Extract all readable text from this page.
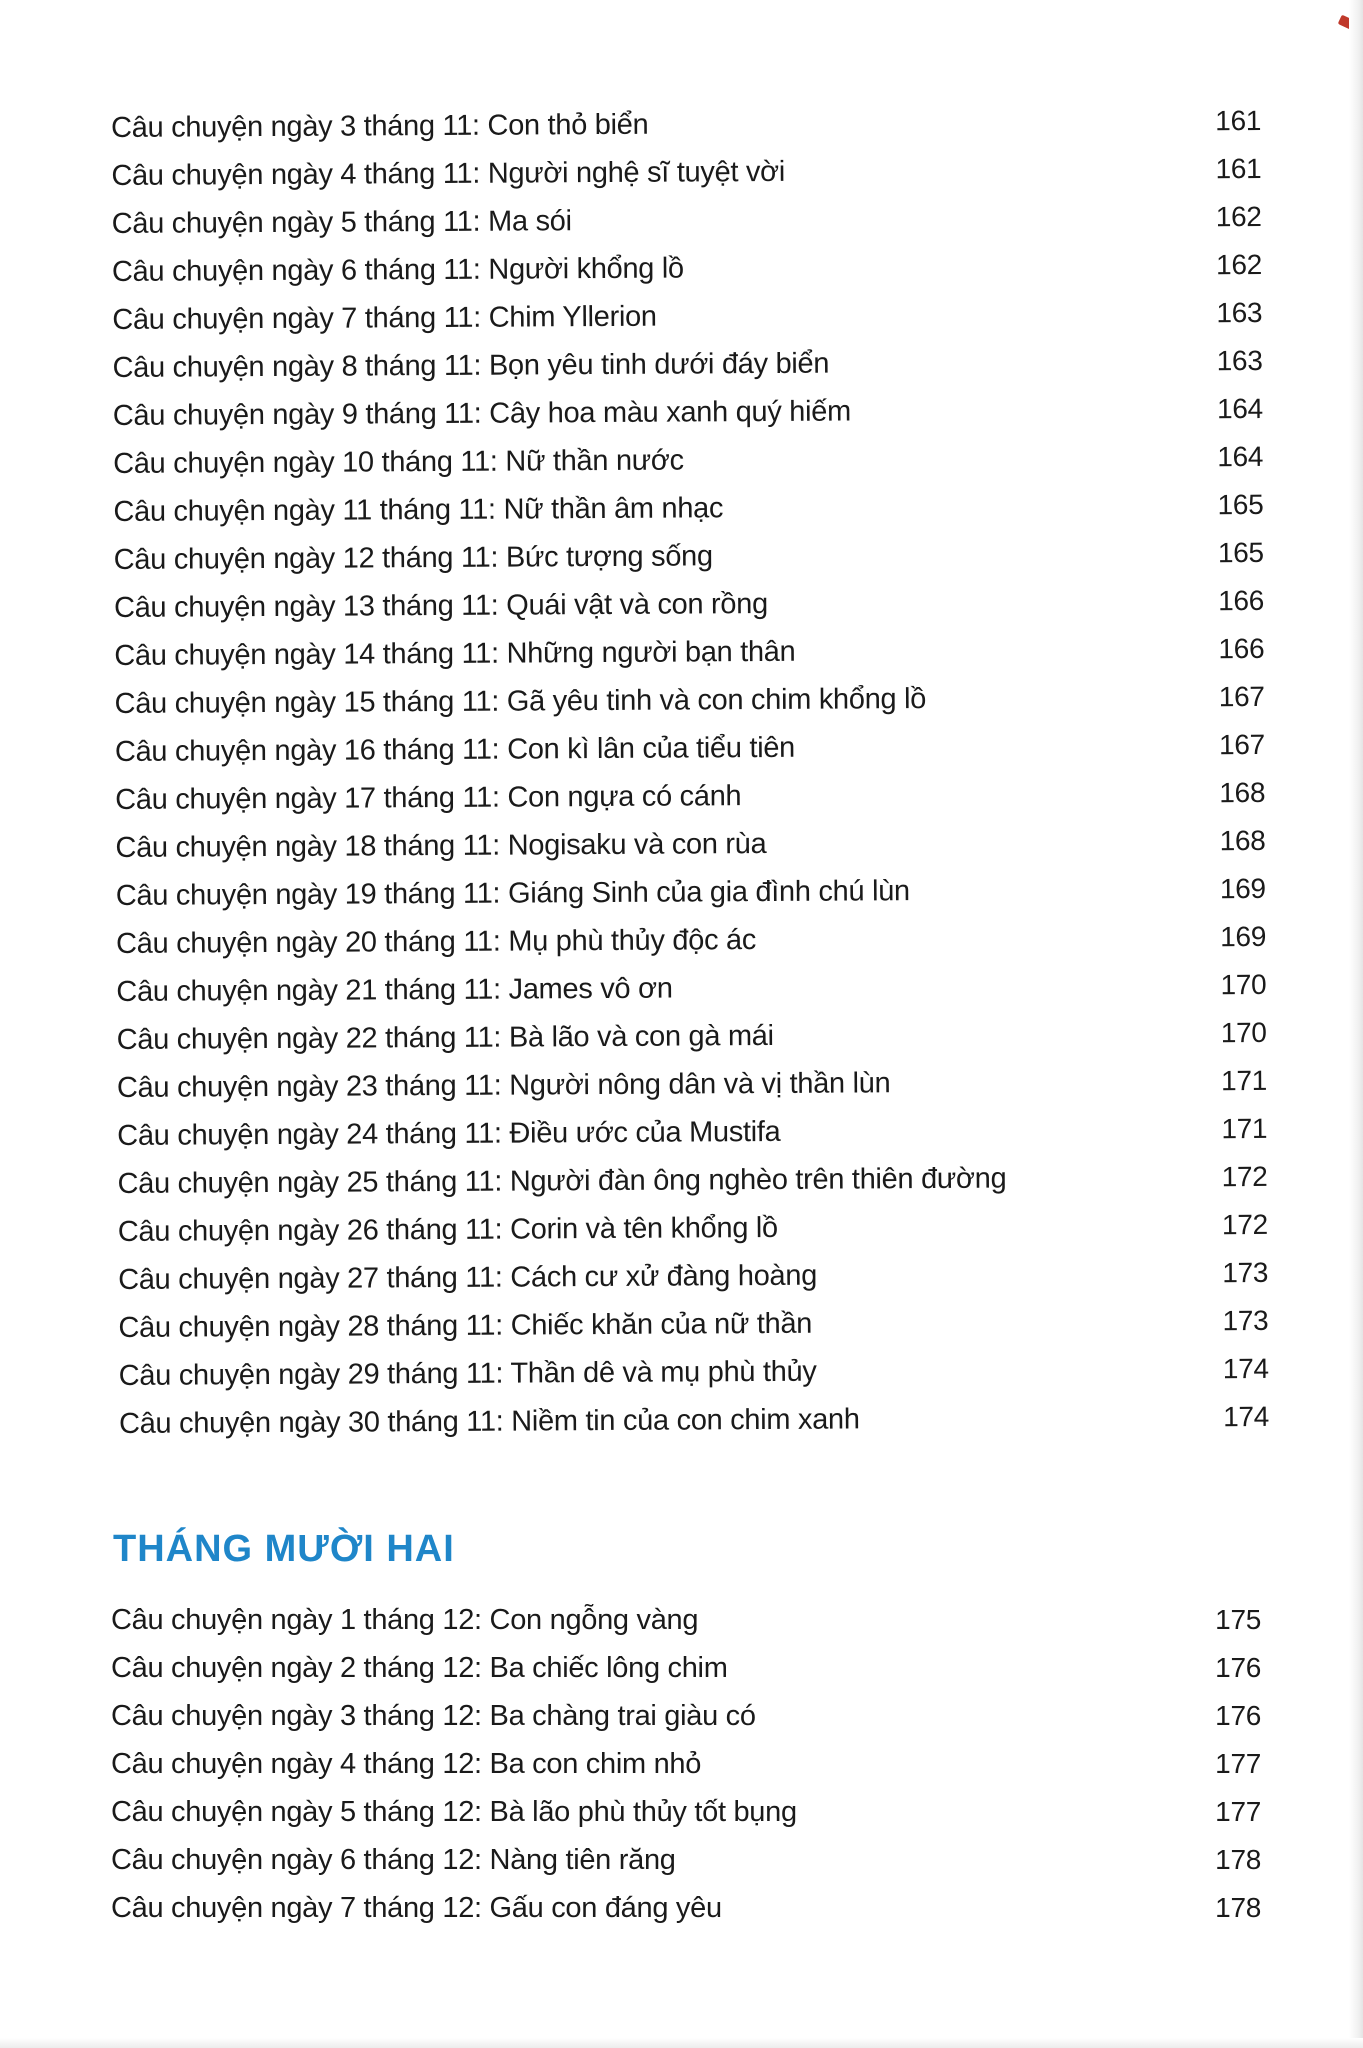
Câu chuyện ngày 3 tháng 11: Con thỏ biển	161
Câu chuyện ngày 4 tháng 11: Người nghệ sĩ tuyệt vời	161
Câu chuyện ngày 5 tháng 11: Ma sói	162
Câu chuyện ngày 6 tháng 11: Người khổng lồ	162
Câu chuyện ngày 7 tháng 11: Chim Yllerion	163
Câu chuyện ngày 8 tháng 11: Bọn yêu tinh dưới đáy biển	163
Câu chuyện ngày 9 tháng 11: Cây hoa màu xanh quý hiếm	164
Câu chuyện ngày 10 tháng 11: Nữ thần nước	164
Câu chuyện ngày 11 tháng 11: Nữ thần âm nhạc	165
Câu chuyện ngày 12 tháng 11: Bức tượng sống	165
Câu chuyện ngày 13 tháng 11: Quái vật và con rồng	166
Câu chuyện ngày 14 tháng 11: Những người bạn thân	166
Câu chuyện ngày 15 tháng 11: Gã yêu tinh và con chim khổng lồ	167
Câu chuyện ngày 16 tháng 11: Con kì lân của tiểu tiên	167
Câu chuyện ngày 17 tháng 11: Con ngựa có cánh	168
Câu chuyện ngày 18 tháng 11: Nogisaku và con rùa	168
Câu chuyện ngày 19 tháng 11: Giáng Sinh của gia đình chú lùn	169
Câu chuyện ngày 20 tháng 11: Mụ phù thủy độc ác	169
Câu chuyện ngày 21 tháng 11: James vô ơn	170
Câu chuyện ngày 22 tháng 11: Bà lão và con gà mái	170
Câu chuyện ngày 23 tháng 11: Người nông dân và vị thần lùn	171
Câu chuyện ngày 24 tháng 11: Điều ước của Mustifa	171
Câu chuyện ngày 25 tháng 11: Người đàn ông nghèo trên thiên đường	172
Câu chuyện ngày 26 tháng 11: Corin và tên khổng lồ	172
Câu chuyện ngày 27 tháng 11: Cách cư xử đàng hoàng	173
Câu chuyện ngày 28 tháng 11: Chiếc khăn của nữ thần	173
Câu chuyện ngày 29 tháng 11: Thần dê và mụ phù thủy	174
Câu chuyện ngày 30 tháng 11: Niềm tin của con chim xanh	174
THÁNG MƯỜI HAI
Câu chuyện ngày 1 tháng 12: Con ngỗng vàng	175
Câu chuyện ngày 2 tháng 12: Ba chiếc lông chim	176
Câu chuyện ngày 3 tháng 12: Ba chàng trai giàu có	176
Câu chuyện ngày 4 tháng 12: Ba con chim nhỏ	177
Câu chuyện ngày 5 tháng 12: Bà lão phù thủy tốt bụng	177
Câu chuyện ngày 6 tháng 12: Nàng tiên răng	178
Câu chuyện ngày 7 tháng 12: Gấu con đáng yêu	178
